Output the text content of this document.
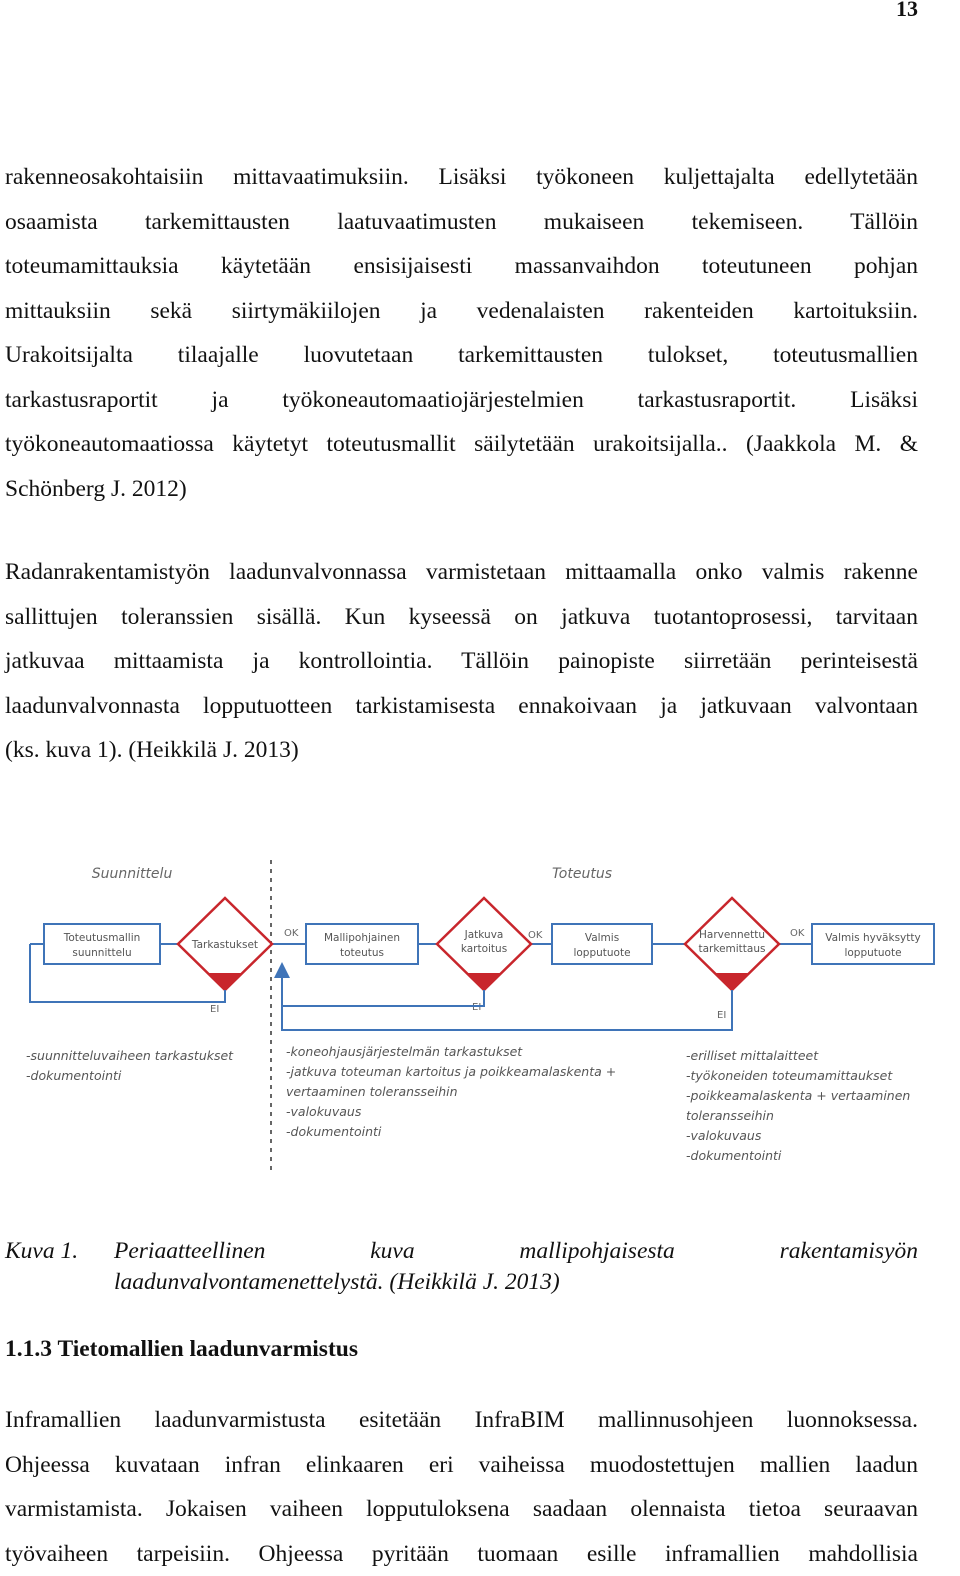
13

rakenneosakohtaisiin mittavaatimuksiin. Lisäksi työkoneen kuljettajalta edellytetään
osaamista tarkemittausten laatuvaatimusten mukaiseen tekemiseen. Tällöin
toteumamittauksia käytetään ensisijaisesti massanvaihdon toteutuneen pohjan
mittauksiin sekä siirtymäkiilojen ja vedenalaisten rakenteiden kartoituksiin.
Urakoitsijalta tilaajalle luovutetaan tarkemittausten tulokset, toteutusmallien
tarkastusraportit ja työkoneautomaatiojärjestelmien tarkastusraportit. Lisäksi
työkoneautomaatiossa käytetyt toteutusmallit säilytetään urakoitsijalla.. (Jaakkola M. &
Schönberg J. 2012)

Radanrakentamistyön laadunvalvonnassa varmistetaan mittaamalla onko valmis rakenne
sallittujen toleranssien sisällä. Kun kyseessä on jatkuva tuotantoprosessi, tarvitaan
jatkuvaa mittaamista ja kontrollointia. Tällöin painopiste siirretään perinteisestä
laadunvalvonnasta lopputuotteen tarkistamisesta ennakoivaan ja jatkuvaan valvontaan
(ks. kuva 1). (Heikkilä J. 2013)

Suunnittelu	Toteutus
Toteutusmallin
suunnittelu
Mallipohjainen
toteutus
Valmis
lopputuote
Valmis hyväksytty
lopputuote
Tarkastukset
Jatkuva
kartoitus
Harvennettu
tarkemittaus
OK	OK	OK
EI	EI
EI
-suunnitteluvaiheen tarkastukset
-dokumentointi
-koneohjausjärjestelmän tarkastukset
-jatkuva toteuman kartoitus ja poikkeamalaskenta +
vertaaminen toleransseihin
-valokuvaus
-dokumentointi
-erilliset mittalaitteet
-työkoneiden toteumamittaukset
-poikkeamalaskenta + vertaaminen
toleransseihin
-valokuvaus
-dokumentointi
Kuva 1. Periaatteellinen kuva mallipohjaisesta rakentamisyön
laadunvalvontamenettelystä. (Heikkilä J. 2013)
1.1.3 Tietomallien laadunvarmistus

Inframallien laadunvarmistusta esitetään InfraBIM mallinnusohjeen luonnoksessa.
Ohjeessa kuvataan infran elinkaaren eri vaiheissa muodostettujen mallien laadun
varmistamista. Jokaisen vaiheen lopputuloksena saadaan olennaista tietoa seuraavan
työvaiheen tarpeisiin. Ohjeessa pyritään tuomaan esille inframallien mahdollisia
